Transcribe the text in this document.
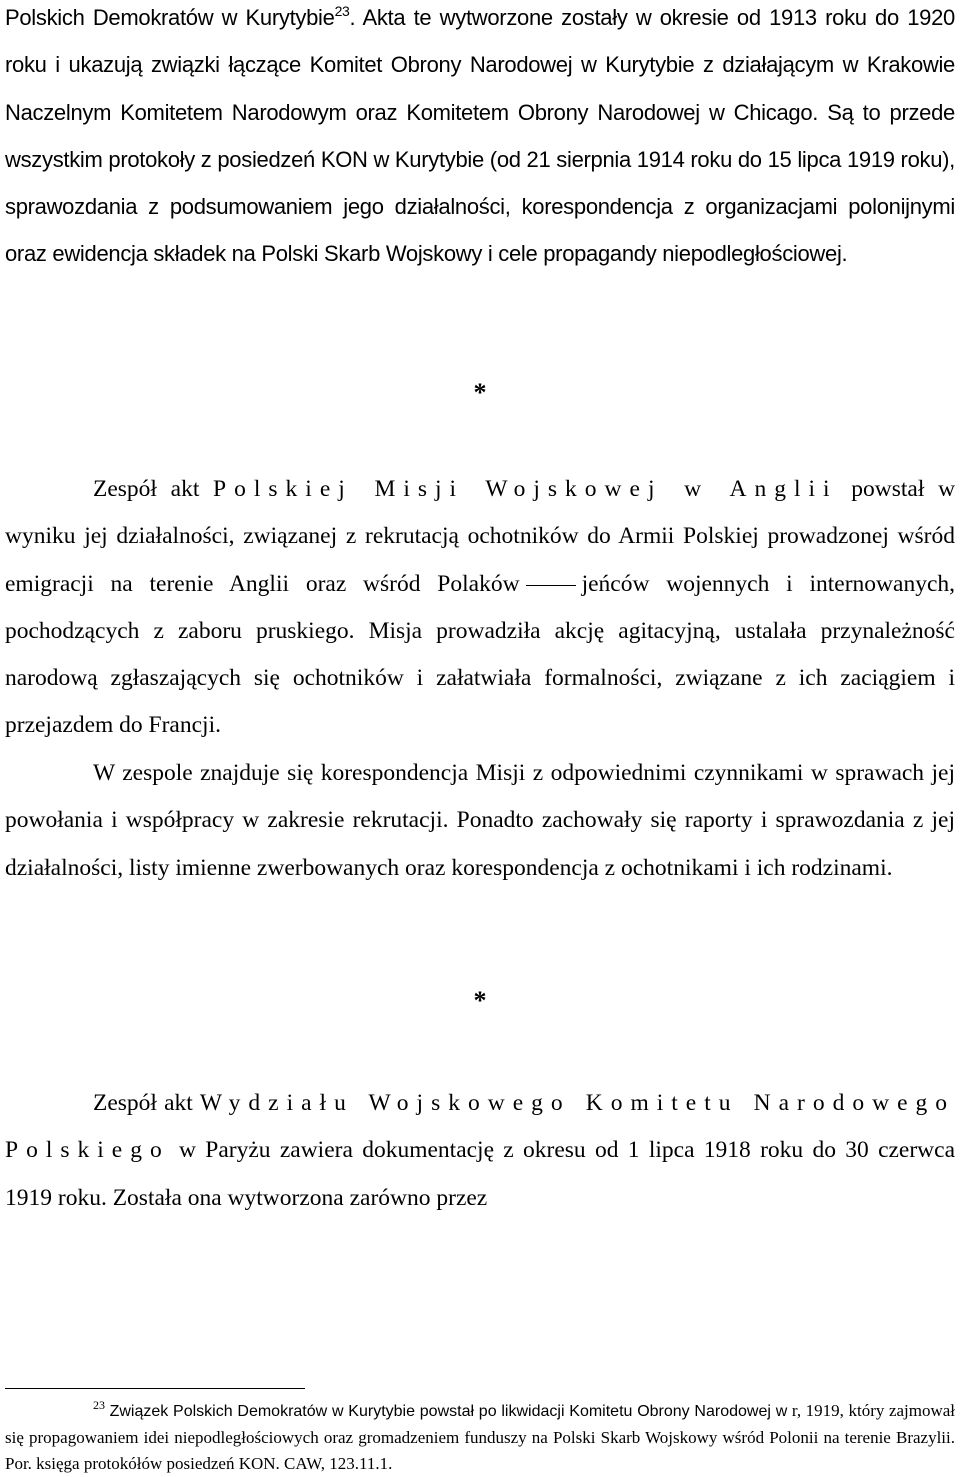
Polskich Demokratów w Kurytybie$^{23}$. Akta te wytworzone zostały w okresie od 1913 roku do 1920 roku i ukazują związki łączące Komitet Obrony Narodowej w Kurytybie z działającym w Krakowie Naczelnym Komitetem Narodowym oraz Komitetem Obrony Narodowej w Chicago. Są to przede wszystkim protokoły z posiedzeń KON w Kurytybie (od 21 sierpnia 1914 roku do 15 lipca 1919 roku), sprawozdania z podsumowaniem jego działalności, korespondencja z organizacjami polonijnymi oraz ewidencja składek na Polski Skarb Wojskowy i cele propagandy niepodległościowej.

*

Zespół akt Polskiej Misji Wojskowej w Anglii powstał w wyniku jej działalności, związanej z rekrutacją ochotników do Armii Polskiej prowadzonej wśród emigracji na terenie Anglii oraz wśród Polaków	jeńców wojennych i internowanych, pochodzących z zaboru pruskiego. Misja prowadziła akcję agitacyjną, ustalała przynależność narodową zgłaszających się ochotników i załatwiała formalności, związane z ich zaciągiem i przejazdem do Francji.

W zespole znajduje się korespondencja Misji z odpowiednimi czynnikami w sprawach jej powołania i współpracy w zakresie rekrutacji. Ponadto zachowały się raporty i sprawozdania z jej działalności, listy imienne zwerbowanych oraz korespondencja z ochotnikami i ich rodzinami.

*

Zespół akt Wydziału Wojskowego Komitetu Narodowego Polskiego w Paryżu zawiera dokumentację z okresu od 1 lipca 1918 roku do 30 czerwca 1919 roku. Została ona wytworzona zarówno przez

$^{23}$ Związek Polskich Demokratów w Kurytybie powstał po likwidacji Komitetu Obrony Narodowej w r, 1919, który zajmował się propagowaniem idei niepodległościowych oraz gromadzeniem funduszy na Polski Skarb Wojskowy wśród Polonii na terenie Brazylii. Por. księga protokółów posiedzeń KON. CAW, 123.11.1.
